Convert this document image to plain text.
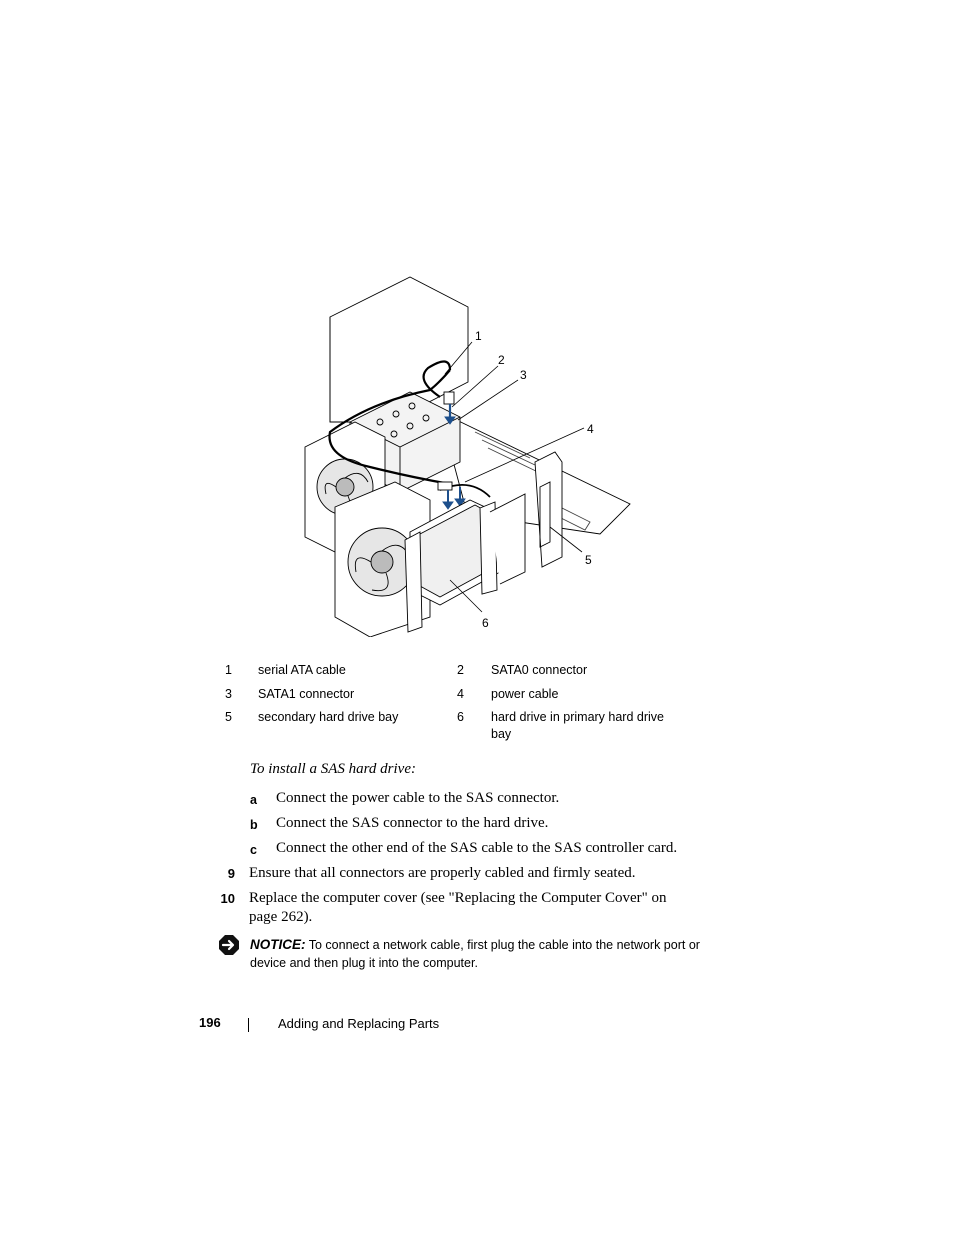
1
2
3
4
5
6
1 serial ATA cable	2 SATA0 connector
3 SATA1 connector	4 power cable
5 secondary hard drive bay	6 hard drive in primary hard drive bay
To install a SAS hard drive:
a Connect the power cable to the SAS connector.
b Connect the SAS connector to the hard drive.
c Connect the other end of the SAS cable to the SAS controller card.
9 Ensure that all connectors are properly cabled and firmly seated.
10 Replace the computer cover (see "Replacing the Computer Cover" on
page 262).
NOTICE: To connect a network cable, first plug the cable into the network port or device and then plug it into the computer.
196	Adding and Replacing Parts
